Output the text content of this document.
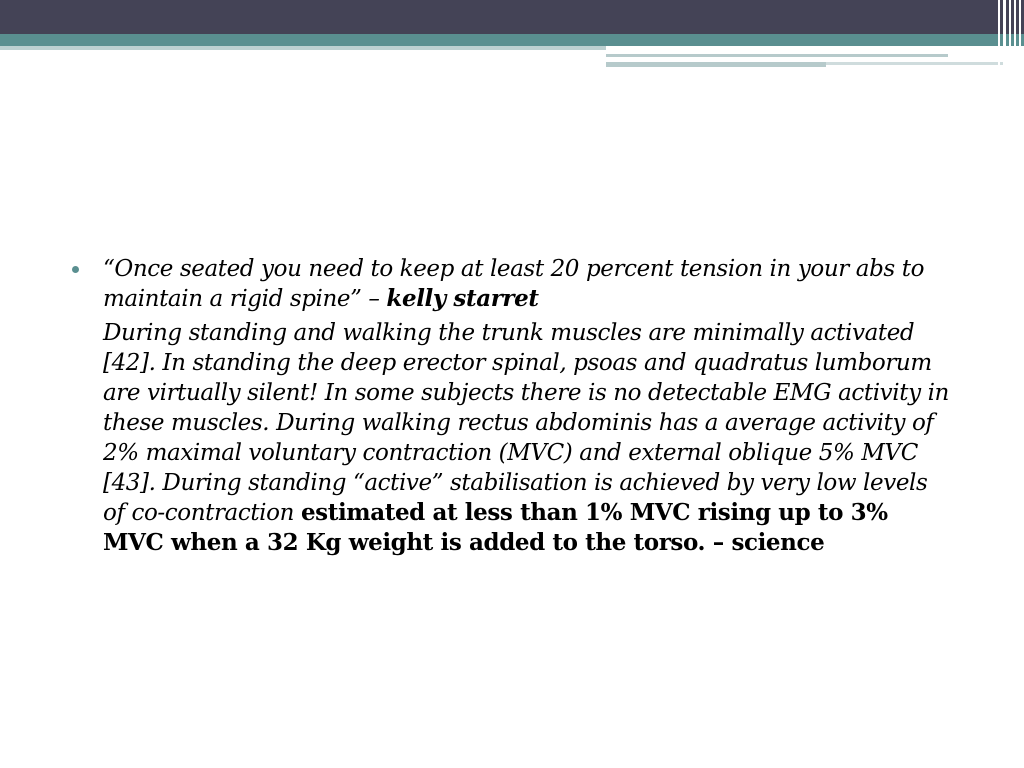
“Once seated you need to keep at least 20 percent tension in your abs to maintain a rigid spine” – kelly starret
During standing and walking the trunk muscles are minimally activated [42]. In standing the deep erector spinal, psoas and quadratus lumborum are virtually silent! In some subjects there is no detectable EMG activity in these muscles. During walking rectus abdominis has a average activity of 2% maximal voluntary contraction (MVC) and external oblique 5% MVC [43]. During standing “active” stabilisation is achieved by very low levels of co-contraction estimated at less than 1% MVC rising up to 3% MVC when a 32 Kg weight is added to the torso. – science
